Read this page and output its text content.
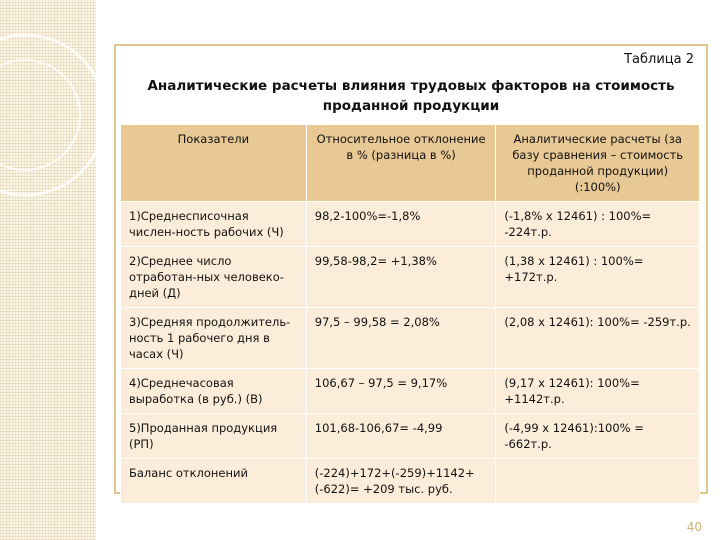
Таблица 2
Аналитические расчеты влияния трудовых факторов на стоимость
проданной продукции
Показатели	Относительное отклонение в % (разница в %)	Аналитические расчеты (за базу сравнения – стоимость проданной продукции) (:100%)
1)Среднесписочная числен-ность рабочих (Ч)	98,2-100%=-1,8%	(-1,8% х 12461) : 100%= -224т.р.
2)Среднее число отработан-ных человеко-дней (Д)	99,58-98,2= +1,38%	(1,38 х 12461) : 100%= +172т.р.
3)Средняя продолжитель-ность 1 рабочего дня в часах (Ч)	97,5 – 99,58 = 2,08%	(2,08 х 12461): 100%= -259т.р.
4)Среднечасовая выработка (в руб.) (В)	106,67 – 97,5 = 9,17%	(9,17 х 12461): 100%= +1142т.р.
5)Проданная продукция (РП)	101,68-106,67= -4,99	(-4,99 х 12461):100% = -662т.р.
Баланс отклонений	(-224)+172+(-259)+1142+(-622)= +209 тыс. руб.	
40
